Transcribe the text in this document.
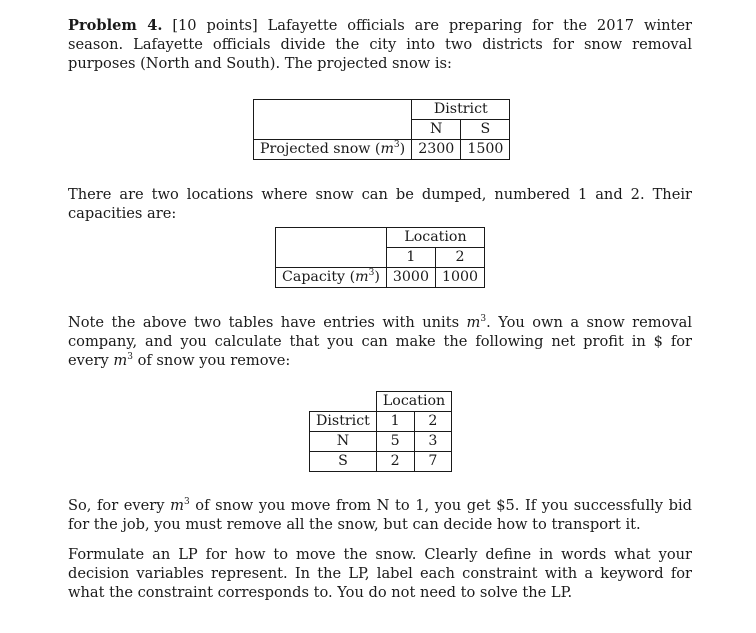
Problem 4. [10 points] Lafayette officials are preparing for the 2017 winter season. Lafayette officials divide the city into two districts for snow removal purposes (North and South). The projected snow is:

	District	
	N	S
Projected snow $(m^3)$	2300	1500

There are two locations where snow can be dumped, numbered 1 and 2. Their capacities are:

	Location	
	1	2
Capacity $(m^3)$	3000	1000

Note the above two tables have entries with units $m^3$. You own a snow removal company, and you calculate that you can make the following net profit in $ for every $m^3$ of snow you remove:

	Location	
District	1	2
N	5	3
S	2	7

So, for every $m^3$ of snow you move from N to 1, you get $5. If you successfully bid for the job, you must remove all the snow, but can decide how to transport it.

Formulate an LP for how to move the snow. Clearly define in words what your decision variables represent. In the LP, label each constraint with a keyword for what the constraint corresponds to. You do not need to solve the LP.
